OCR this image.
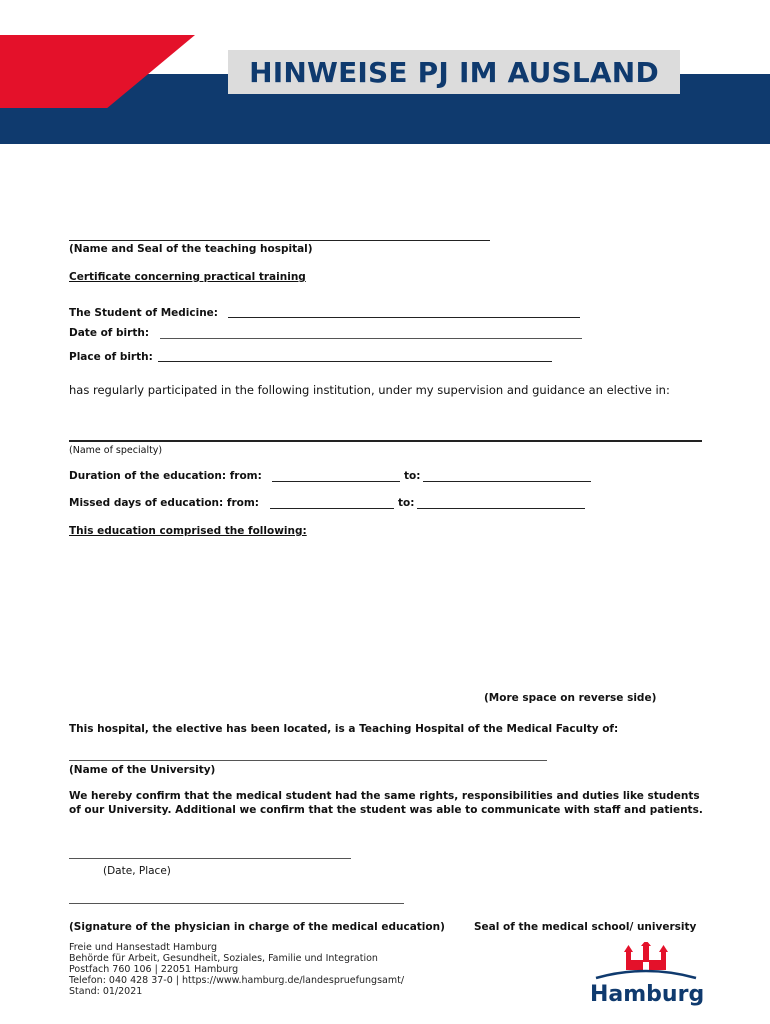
HINWEISE PJ IM AUSLAND
(Name and Seal of the teaching hospital)
Certificate concerning practical training
The Student of Medicine:
Date of birth:
Place of birth:
has regularly participated in the following institution, under my supervision and guidance an elective in:
(Name of specialty)
Duration of the education: from:	to:
Missed days of education: from:	to:
This education comprised the following:
(More space on reverse side)
This hospital, the elective has been located, is a Teaching Hospital of the Medical Faculty of:
(Name of the University)
We hereby confirm that the medical student had the same rights, responsibilities and duties like students of our University. Additional we confirm that the student was able to communicate with staff and patients.
(Date, Place)
(Signature of the physician in charge of the medical education)	Seal of the medical school/ university
Freie und Hansestadt Hamburg
Behörde für Arbeit, Gesundheit, Soziales, Familie und Integration
Postfach 760 106 | 22051 Hamburg
Telefon: 040 428 37-0 | https://www.hamburg.de/landespruefungsamt/
Stand: 01/2021	Hamburg
